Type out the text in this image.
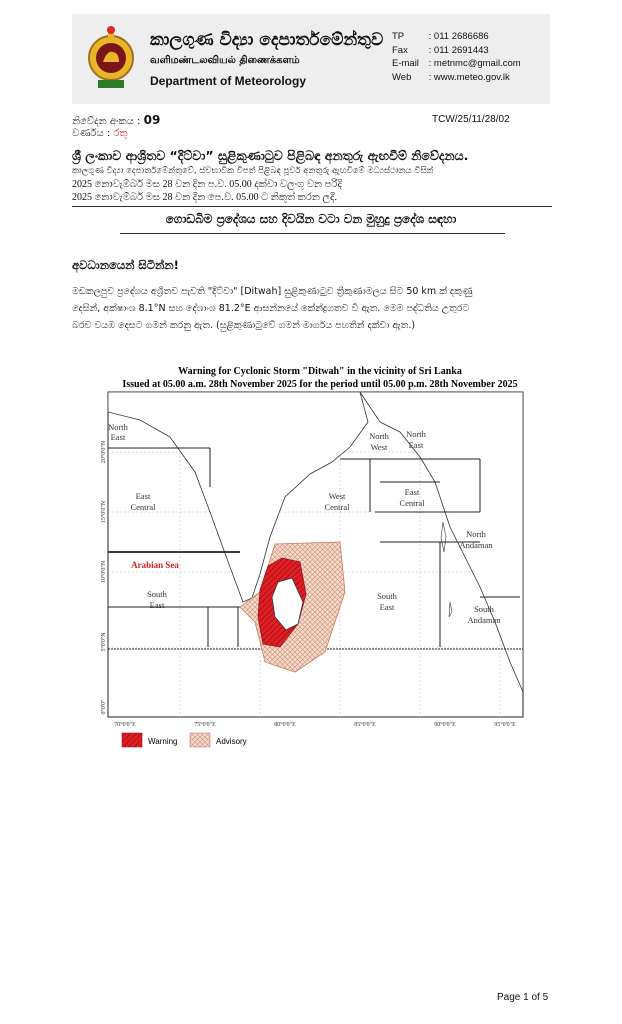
කාලගුණ විද්‍යා දෙපාර්තමේන්තුව
வளிமண்டலவியல் திணைக்களம்
Department of Meteorology
TP	: 011 2686686
Fax : 011 2691443
E-mail : metnmc@gmail.com
Web : www.meteo.gov.lk
නිවේදන අංකය : 09
වර්ණය : රතු
TCW/25/11/28/02
ශ්‍රී ලංකාව ආශ්‍රිතව “දිට්වා” සුළිකුණාටුව පිළිබඳ අනතුරු ඇඟවීම් නිවේදනය.
කාලගුණ විද්‍යා දෙපාර්තමේන්තුවේ, ස්වභාවික විපත් පිළිබඳ පූර්ව අනතුරු ඇඟවීමේ මධ්‍යස්ථානය විසින්
2025 නොවැම්බර් මස 28 වන දින ප.ව. 05.00 දක්වා වලංගු වන පරිදි
2025 නොවැම්බර් මස 28 වන දින පෙ.ව. 05.00 ට නිකුත් කරන ලදී.
ගොඩබිම ප්‍රදේශය සහ දිවයින වටා වන මුහුදු ප්‍රදේශ සඳහා
අවධානයෙන් සිටින්න!
මඩකලපුව ප්‍රදේශය අශ්‍රිතව පැවති "දිට්වා" [Ditwah] සුළිකුණාටුව ත්‍රිකුණාමලය සිට 50 km ක් දකුණු
දෙසින්, අක්ෂාංශ 8.1°N සහ දේශාංශ 81.2°E ආසන්නයේ කේන්ද්‍රගතව වී ඇත. මෙම පද්ධතිය උතුරට
බරව වයඹ දෙසට ගමන් කරනු ඇත. (සුළිකුණාටුවේ ගමන් මාර්ගය පහතින් දක්වා ඇත.)
Warning for Cyclonic Storm "Ditwah" in the vicinity of Sri Lanka
Issued at 05.00 a.m. 28th November 2025 for the period until 05.00 p.m. 28th November 2025
North
East	North
West
North
East
East
Central
West
Central
East
Central
North
Andaman
South
East
South
East	South
Andaman
Arabian Sea
70°0'0"E	75°0'0"E	80°0'0"E	85°0'0"E	90°0'0"E	95°0'0"E
20°0'0"N
15°0'0"N
10°0'0"N
5°0'0"N
0°0'0"
Warning	Advisory
Page 1 of 5
